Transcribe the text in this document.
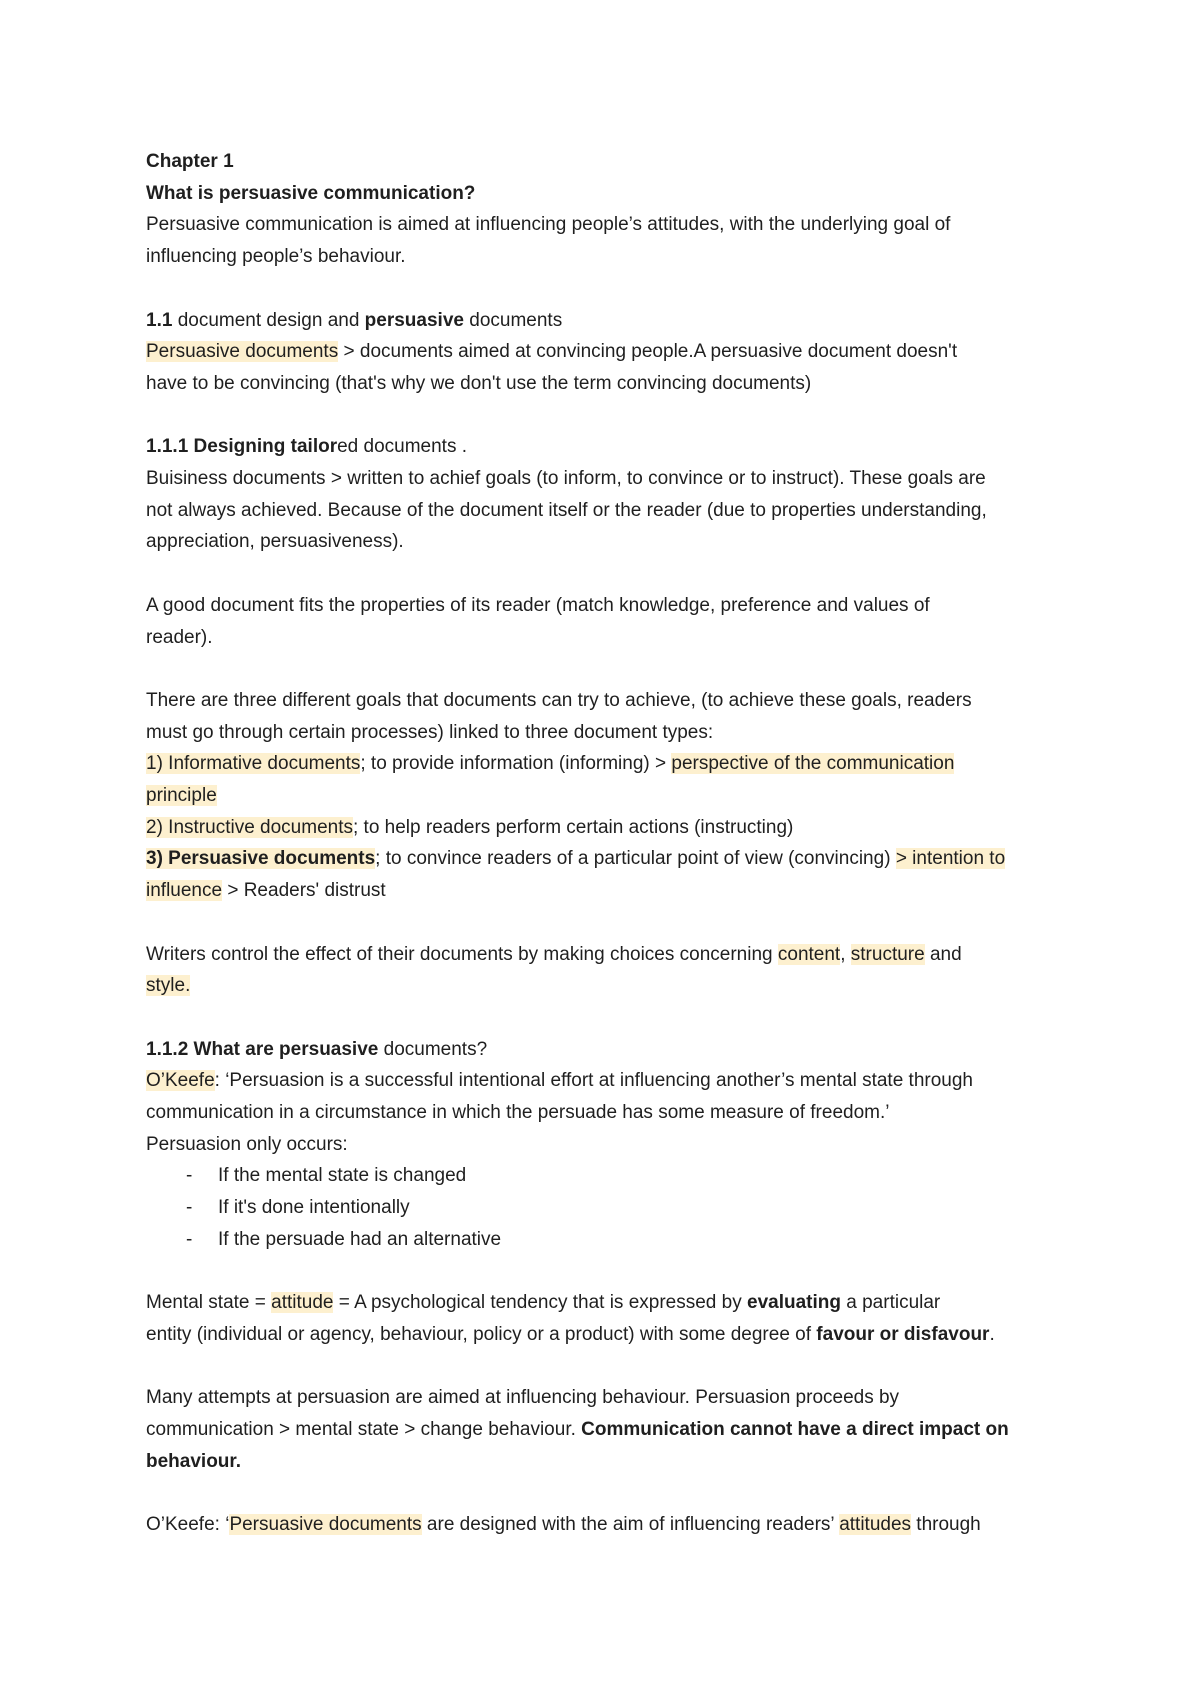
Chapter 1
What is persuasive communication?
Persuasive communication is aimed at influencing people’s attitudes, with the underlying goal of
influencing people’s behaviour.
1.1 document design and persuasive documents
Persuasive documents > documents aimed at convincing people.A persuasive document doesn't
have to be convincing (that's why we don't use the term convincing documents)
1.1.1 Designing tailored documents .
Buisiness documents > written to achief goals (to inform, to convince or to instruct). These goals are
not always achieved. Because of the document itself or the reader (due to properties understanding,
appreciation, persuasiveness).
A good document fits the properties of its reader (match knowledge, preference and values of
reader).
There are three different goals that documents can try to achieve, (to achieve these goals, readers
must go through certain processes) linked to three document types:
1) Informative documents; to provide information (informing) > perspective of the communication
principle
2) Instructive documents; to help readers perform certain actions (instructing)
3) Persuasive documents; to convince readers of a particular point of view (convincing) > intention to
influence > Readers' distrust
Writers control the effect of their documents by making choices concerning content, structure and
style.
1.1.2 What are persuasive documents?
O’Keefe: ‘Persuasion is a successful intentional effort at influencing another’s mental state through
communication in a circumstance in which the persuade has some measure of freedom.’
Persuasion only occurs:
- If the mental state is changed
- If it's done intentionally
- If the persuade had an alternative
Mental state = attitude = A psychological tendency that is expressed by evaluating a particular
entity (individual or agency, behaviour, policy or a product) with some degree of favour or disfavour.
Many attempts at persuasion are aimed at influencing behaviour. Persuasion proceeds by
communication > mental state > change behaviour. Communication cannot have a direct impact on
behaviour.
O’Keefe: ‘Persuasive documents are designed with the aim of influencing readers’ attitudes through
